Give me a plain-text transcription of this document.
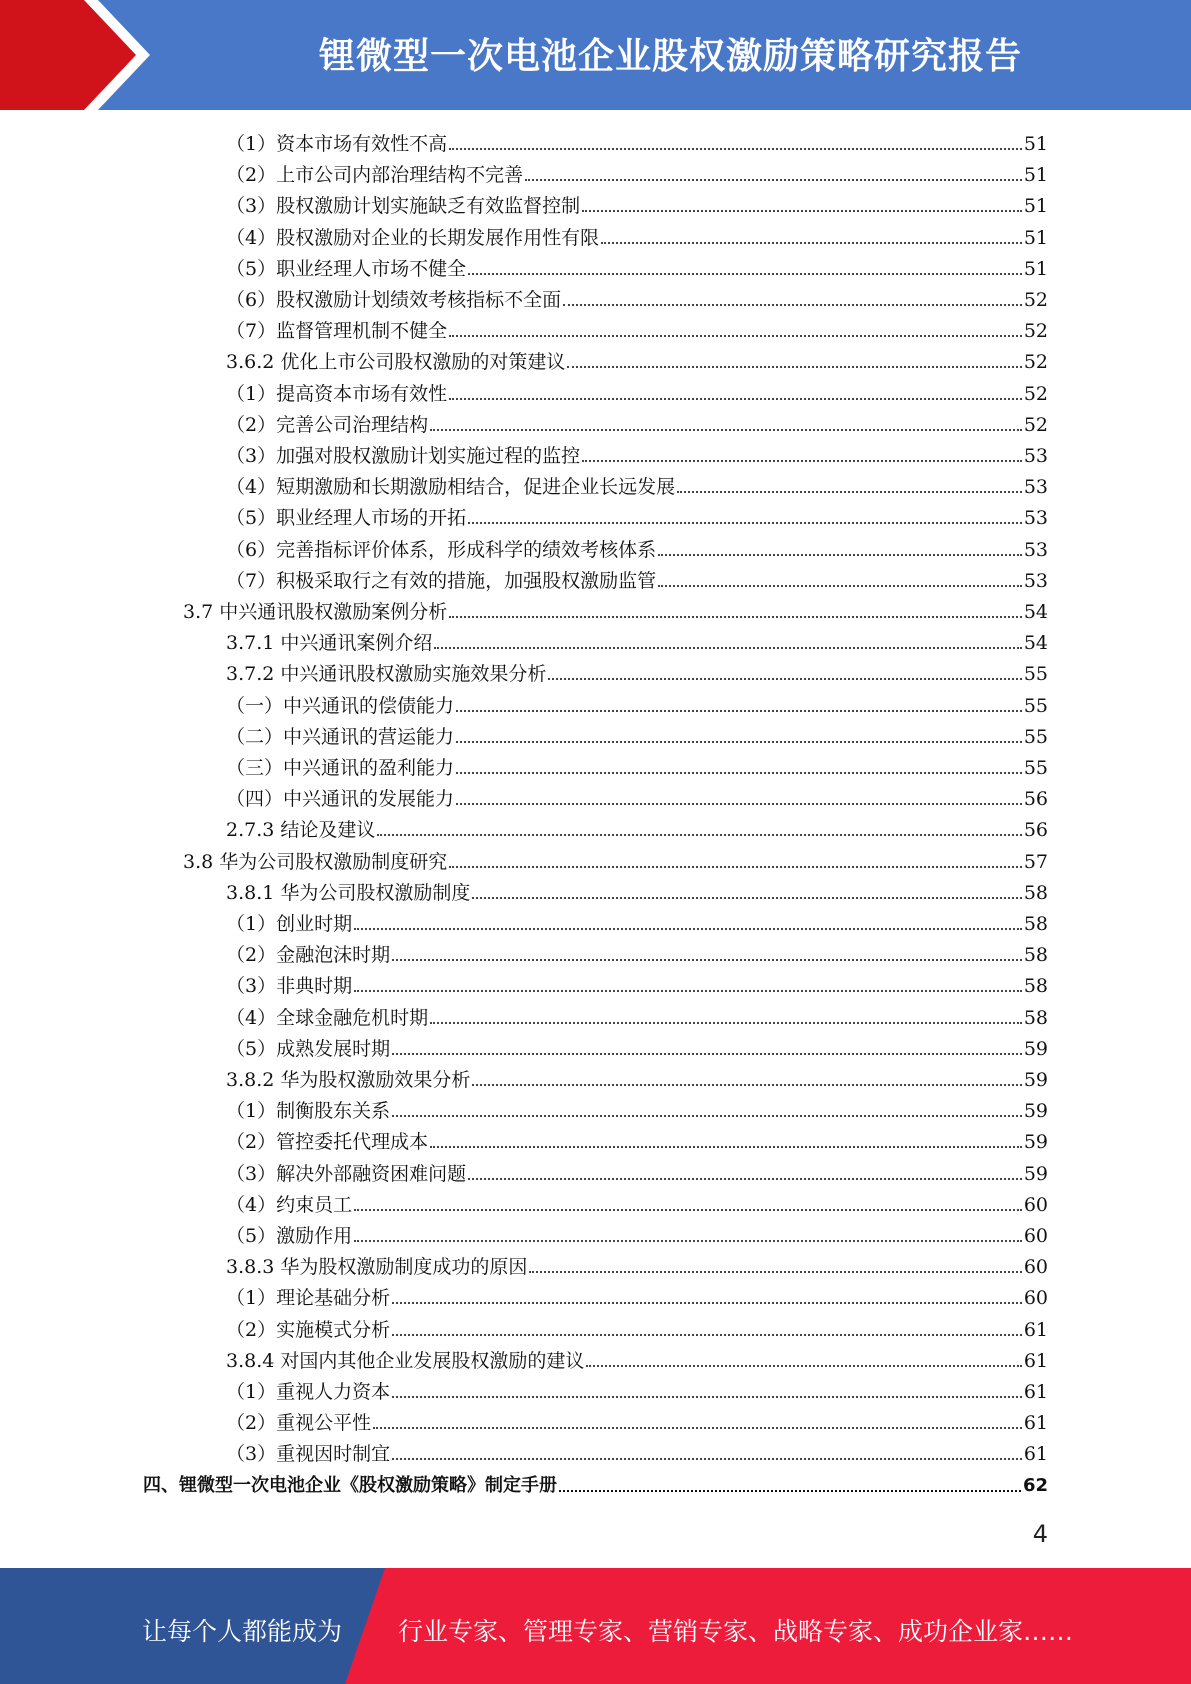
锂微型一次电池企业股权激励策略研究报告
（1）资本市场有效性不高	51
（2）上市公司内部治理结构不完善	51
（3）股权激励计划实施缺乏有效监督控制	51
（4）股权激励对企业的长期发展作用性有限	51
（5）职业经理人市场不健全	51
（6）股权激励计划绩效考核指标不全面	52
（7）监督管理机制不健全	52
3.6.2 优化上市公司股权激励的对策建议	52
（1）提高资本市场有效性	52
（2）完善公司治理结构	52
（3）加强对股权激励计划实施过程的监控	53
（4）短期激励和长期激励相结合，促进企业长远发展	53
（5）职业经理人市场的开拓	53
（6）完善指标评价体系，形成科学的绩效考核体系	53
（7）积极采取行之有效的措施，加强股权激励监管	53
3.7 中兴通讯股权激励案例分析	54
3.7.1 中兴通讯案例介绍	54
3.7.2 中兴通讯股权激励实施效果分析	55
（一）中兴通讯的偿债能力	55
（二）中兴通讯的营运能力	55
（三）中兴通讯的盈利能力	55
（四）中兴通讯的发展能力	56
2.7.3 结论及建议	56
3.8 华为公司股权激励制度研究	57
3.8.1 华为公司股权激励制度	58
（1）创业时期	58
（2）金融泡沫时期	58
（3）非典时期	58
（4）全球金融危机时期	58
（5）成熟发展时期	59
3.8.2 华为股权激励效果分析	59
（1）制衡股东关系	59
（2）管控委托代理成本	59
（3）解决外部融资困难问题	59
（4）约束员工	60
（5）激励作用	60
3.8.3 华为股权激励制度成功的原因	60
（1）理论基础分析	60
（2）实施模式分析	61
3.8.4 对国内其他企业发展股权激励的建议	61
（1）重视人力资本	61
（2）重视公平性	61
（3）重视因时制宜	61
四、锂微型一次电池企业《股权激励策略》制定手册	62
4
让每个人都能成为 行业专家、管理专家、营销专家、战略专家、成功企业家……
